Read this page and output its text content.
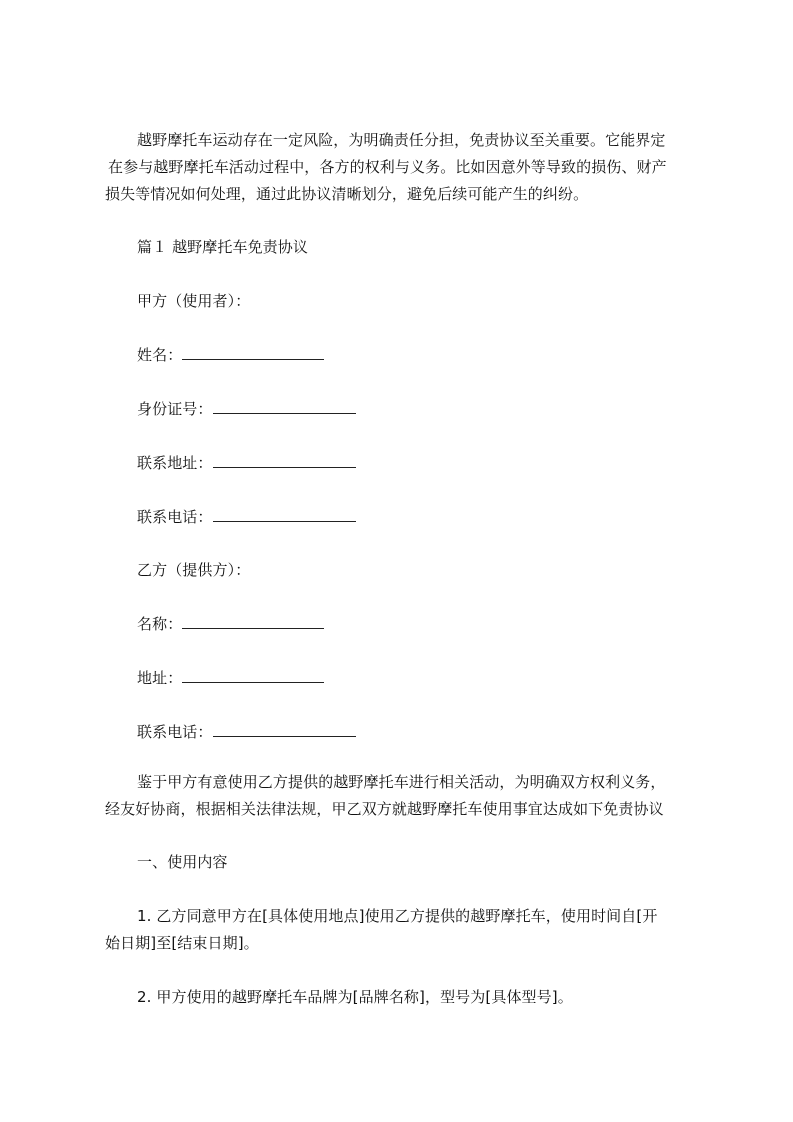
越野摩托车运动存在一定风险，为明确责任分担，免责协议至关重要。它能界定
在参与越野摩托车活动过程中，各方的权利与义务。比如因意外等导致的损伤、财产
损失等情况如何处理，通过此协议清晰划分，避免后续可能产生的纠纷。
篇１ 越野摩托车免责协议
甲方（使用者）：
姓名：
身份证号：
联系地址：
联系电话：
乙方（提供方）：
名称：
地址：
联系电话：
鉴于甲方有意使用乙方提供的越野摩托车进行相关活动，为明确双方权利义务，
经友好协商，根据相关法律法规，甲乙双方就越野摩托车使用事宜达成如下免责协议
一、使用内容
1. 乙方同意甲方在[具体使用地点]使用乙方提供的越野摩托车，使用时间自[开
始日期]至[结束日期]。
2. 甲方使用的越野摩托车品牌为[品牌名称]，型号为[具体型号]。
